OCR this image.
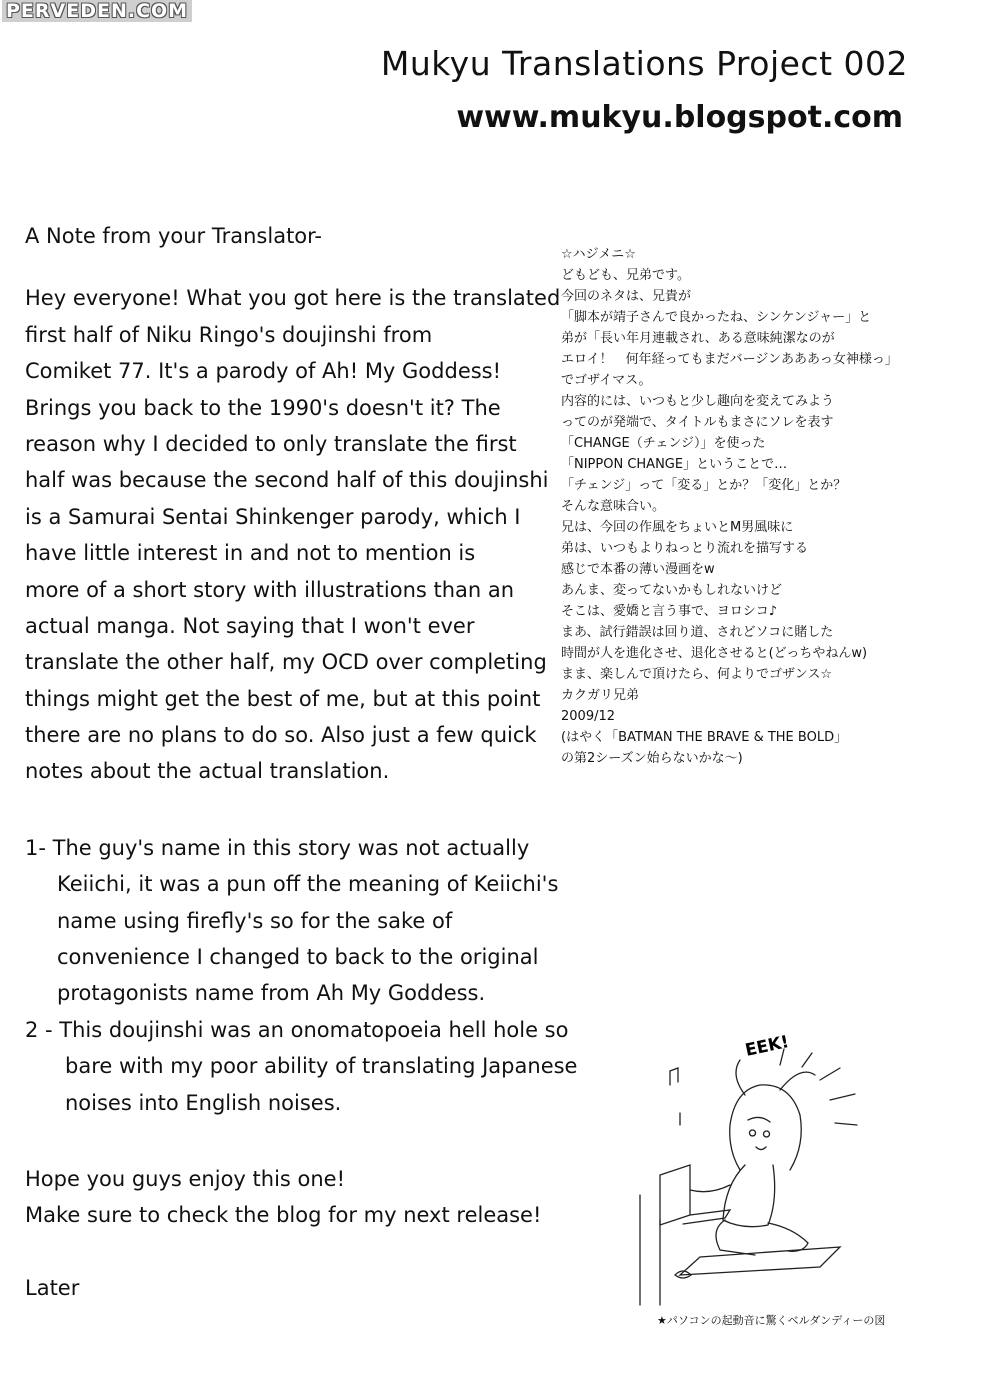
PERVEDEN.COM
Mukyu Translations Project 002
www.mukyu.blogspot.com
A Note from your Translator-
Hey everyone! What you got here is the translated
first half of Niku Ringo's doujinshi from
Comiket 77. It's a parody of Ah! My Goddess!
Brings you back to the 1990's doesn't it? The
reason why I decided to only translate the first
half was because the second half of this doujinshi
is a Samurai Sentai Shinkenger parody, which I
have little interest in and not to mention is
more of a short story with illustrations than an
actual manga. Not saying that I won't ever
translate the other half, my OCD over completing
things might get the best of me, but at this point
there are no plans to do so. Also just a few quick
notes about the actual translation.
1- The guy's name in this story was not actually
Keiichi, it was a pun off the meaning of Keiichi's
name using firefly's so for the sake of
convenience I changed to back to the original
protagonists name from Ah My Goddess.
2 - This doujinshi was an onomatopoeia hell hole so
bare with my poor ability of translating Japanese
noises into English noises.
Hope you guys enjoy this one!
Make sure to check the blog for my next release!
Later
☆ハジメニ☆
どもども、兄弟です。
今回のネタは、兄貴が
「脚本が靖子さんで良かったね、シンケンジャー」と
弟が「長い年月連載され、ある意味純潔なのが
エロイ！　何年経ってもまだバージンあああっ女神様っ」
でゴザイマス。
内容的には、いつもと少し趣向を変えてみよう
ってのが発端で、タイトルもまさにソレを表す
「CHANGE（チェンジ）」を使った
「NIPPON CHANGE」ということで…
「チェンジ」って「変る」とか？「変化」とか？
そんな意味合い。
兄は、今回の作風をちょいとM男風味に
弟は、いつもよりねっとり流れを描写する
感じで本番の薄い漫画をw
あんま、変ってないかもしれないけど
そこは、愛嬌と言う事で、ヨロシコ♪
まあ、試行錯誤は回り道、されどソコに賭した
時間が人を進化させ、退化させると(どっちやねんw)
まま、楽しんで頂けたら、何よりでゴザンス☆
カクガリ兄弟
2009/12
(はやく「BATMAN THE BRAVE & THE BOLD」
の第2シーズン始らないかな～)
EEK!
★パソコンの起動音に驚くベルダンディーの図
